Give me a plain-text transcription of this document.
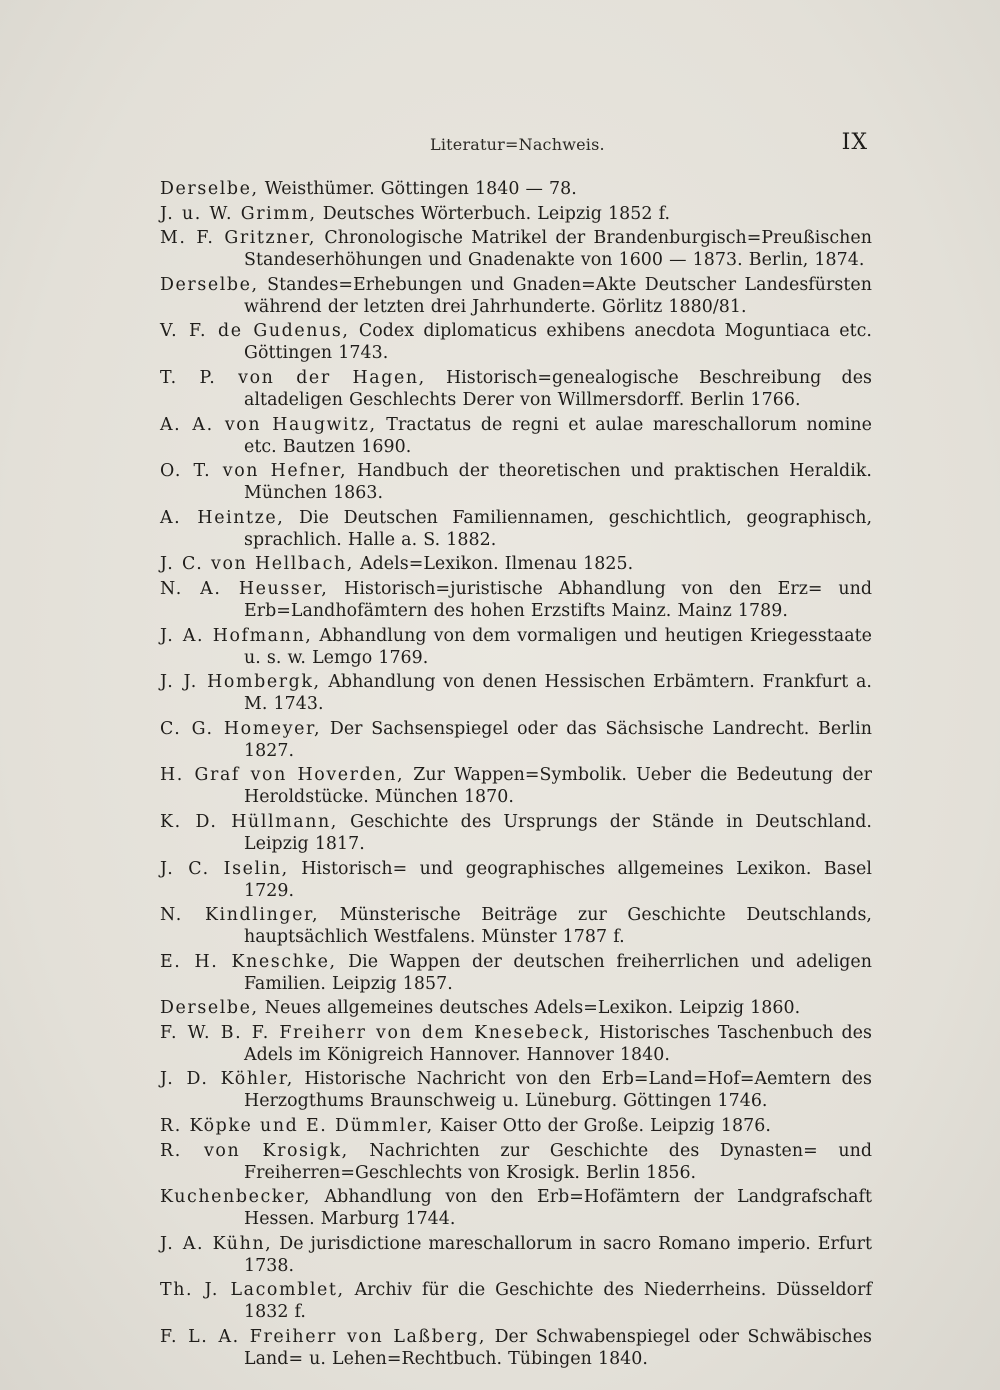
Literatur=Nachweis.	IX

Derselbe, Weisthümer. Göttingen 1840 — 78.

J. u. W. Grimm, Deutsches Wörterbuch. Leipzig 1852 f.

M. F. Gritzner, Chronologische Matrikel der Brandenburgisch=Preußischen Standeserhöhungen und Gnadenakte von 1600 — 1873. Berlin, 1874.

Derselbe, Standes=Erhebungen und Gnaden=Akte Deutscher Landesfürsten während der letzten drei Jahrhunderte. Görlitz 1880/81.

V. F. de Gudenus, Codex diplomaticus exhibens anecdota Moguntiaca etc. Göttingen 1743.

T. P. von der Hagen, Historisch=genealogische Beschreibung des altadeligen Geschlechts Derer von Willmersdorff. Berlin 1766.

A. A. von Haugwitz, Tractatus de regni et aulae mareschallorum nomine etc. Bautzen 1690.

O. T. von Hefner, Handbuch der theoretischen und praktischen Heraldik. München 1863.

A. Heintze, Die Deutschen Familiennamen, geschichtlich, geographisch, sprachlich. Halle a. S. 1882.

J. C. von Hellbach, Adels=Lexikon. Ilmenau 1825.

N. A. Heusser, Historisch=juristische Abhandlung von den Erz= und Erb=Landhofämtern des hohen Erzstifts Mainz. Mainz 1789.

J. A. Hofmann, Abhandlung von dem vormaligen und heutigen Kriegesstaate u. s. w. Lemgo 1769.

J. J. Hombergk, Abhandlung von denen Hessischen Erbämtern. Frankfurt a. M. 1743.

C. G. Homeyer, Der Sachsenspiegel oder das Sächsische Landrecht. Berlin 1827.

H. Graf von Hoverden, Zur Wappen=Symbolik. Ueber die Bedeutung der Heroldstücke. München 1870.

K. D. Hüllmann, Geschichte des Ursprungs der Stände in Deutschland. Leipzig 1817.

J. C. Iselin, Historisch= und geographisches allgemeines Lexikon. Basel 1729.

N. Kindlinger, Münsterische Beiträge zur Geschichte Deutschlands, hauptsächlich Westfalens. Münster 1787 f.

E. H. Kneschke, Die Wappen der deutschen freiherrlichen und adeligen Familien. Leipzig 1857.

Derselbe, Neues allgemeines deutsches Adels=Lexikon. Leipzig 1860.

F. W. B. F. Freiherr von dem Knesebeck, Historisches Taschenbuch des Adels im Königreich Hannover. Hannover 1840.

J. D. Köhler, Historische Nachricht von den Erb=Land=Hof=Aemtern des Herzogthums Braunschweig u. Lüneburg. Göttingen 1746.

R. Köpke und E. Dümmler, Kaiser Otto der Große. Leipzig 1876.

R. von Krosigk, Nachrichten zur Geschichte des Dynasten= und Freiherren=Geschlechts von Krosigk. Berlin 1856.

Kuchenbecker, Abhandlung von den Erb=Hofämtern der Landgrafschaft Hessen. Marburg 1744.

J. A. Kühn, De jurisdictione mareschallorum in sacro Romano imperio. Erfurt 1738.

Th. J. Lacomblet, Archiv für die Geschichte des Niederrheins. Düsseldorf 1832 f.

F. L. A. Freiherr von Laßberg, Der Schwabenspiegel oder Schwäbisches Land= u. Lehen=Rechtbuch. Tübingen 1840.
